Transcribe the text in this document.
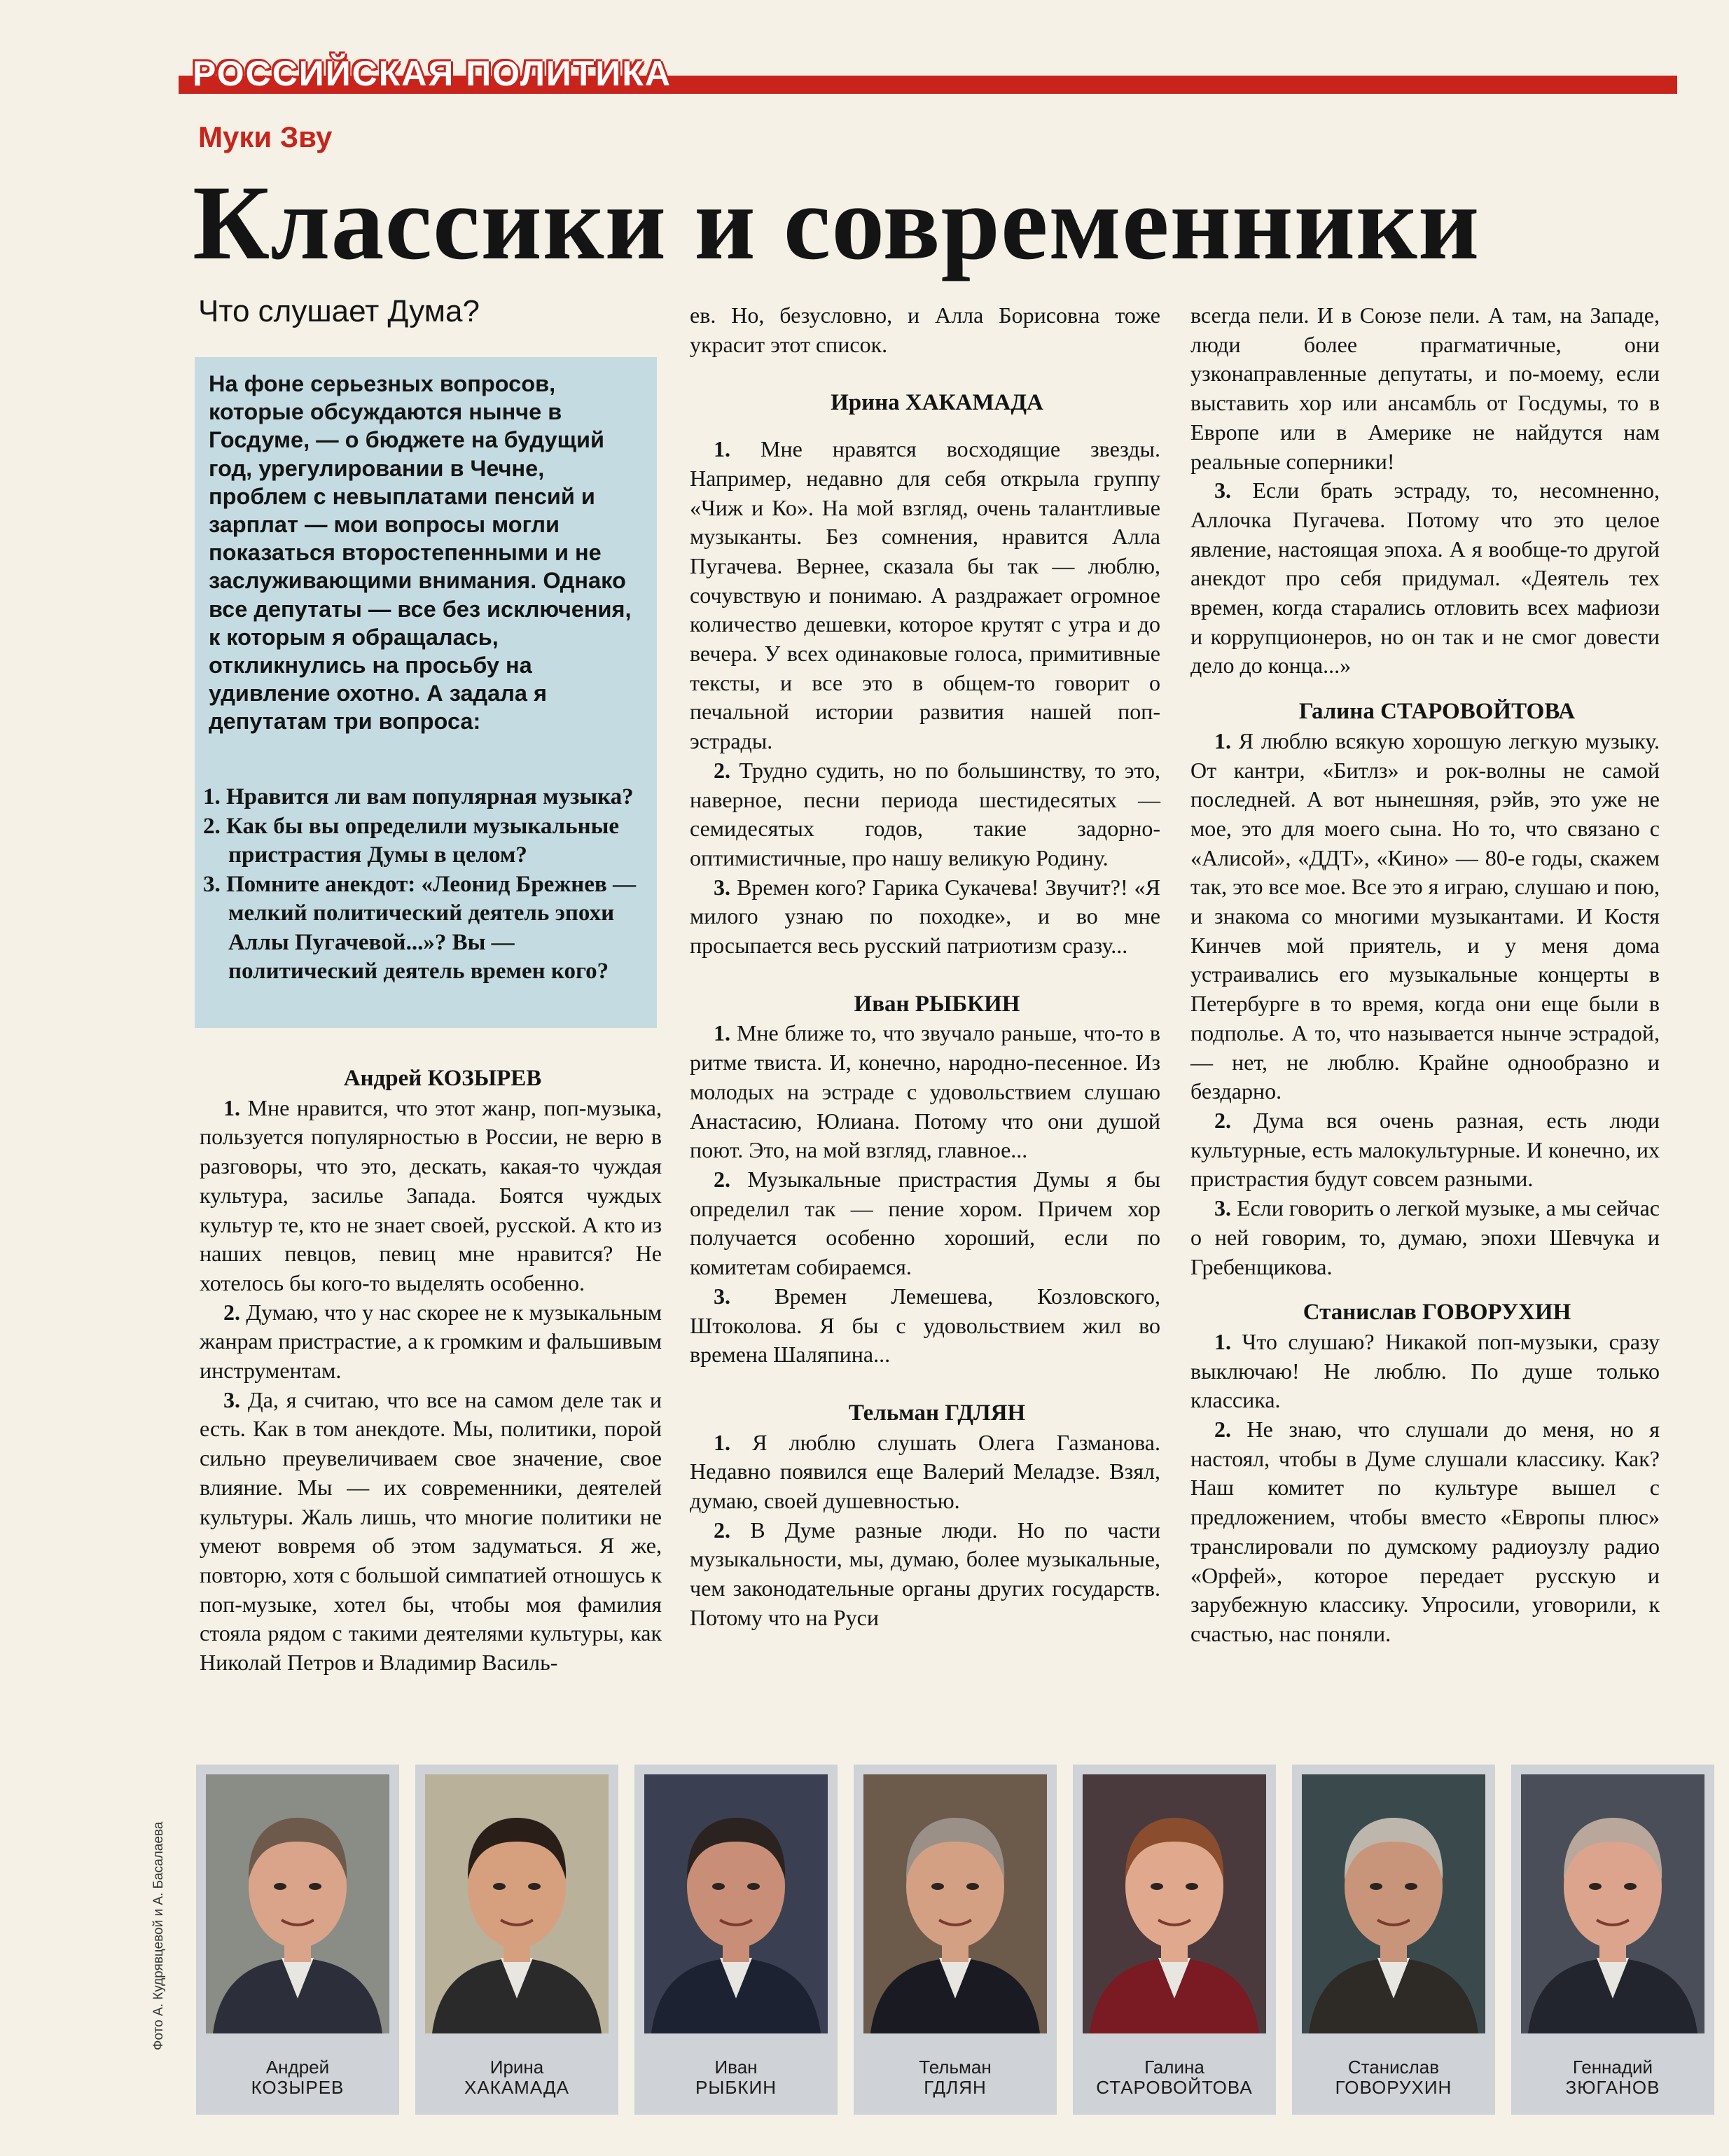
РОССИЙСКАЯ ПОЛИТИКА
Муки Зву
Классики и современники
Что слушает Дума?

На фоне серьезных вопросов, которые обсуждаются нынче в Госдуме, — о бюджете на будущий год, урегулировании в Чечне, проблем с невыплатами пенсий и зарплат — мои вопросы могли показаться второстепенными и не заслуживающими внимания. Однако все депутаты — все без исключения, к которым я обращалась, откликнулись на просьбу на удивление охотно. А задала я депутатам три вопроса:

1. Нравится ли вам популярная музыка?
2. Как бы вы определили музыкальные пристрастия Думы в целом?
3. Помните анекдот: «Леонид Брежнев — мелкий политический деятель эпохи Аллы Пугачевой...»? Вы — политический деятель времен кого?

Андрей КОЗЫРЕВ

1. Мне нравится, что этот жанр, поп-музыка, пользуется популярностью в России, не верю в разговоры, что это, дескать, какая-то чуждая культура, засилье Запада. Боятся чуждых культур те, кто не знает своей, русской. А кто из наших певцов, певиц мне нравится? Не хотелось бы кого-то выделять особенно.

2. Думаю, что у нас скорее не к музыкальным жанрам пристрастие, а к громким и фальшивым инструментам.

3. Да, я считаю, что все на самом деле так и есть. Как в том анекдоте. Мы, политики, порой сильно преувеличиваем свое значение, свое влияние. Мы — их современники, деятелей культуры. Жаль лишь, что многие политики не умеют вовремя об этом задуматься. Я же, повторю, хотя с большой симпатией отношусь к поп-музыке, хотел бы, чтобы моя фамилия стояла рядом с такими деятелями культуры, как Николай Петров и Владимир Василь-

ев. Но, безусловно, и Алла Борисовна тоже украсит этот список.

Ирина ХАКАМАДА

1. Мне нравятся восходящие звезды. Например, недавно для себя открыла группу «Чиж и Ко». На мой взгляд, очень талантливые музыканты. Без сомнения, нравится Алла Пугачева. Вернее, сказала бы так — люблю, сочувствую и понимаю. А раздражает огромное количество дешевки, которое крутят с утра и до вечера. У всех одинаковые голоса, примитивные тексты, и все это в общем-то говорит о печальной истории развития нашей поп-эстрады.

2. Трудно судить, но по большинству, то это, наверное, песни периода шестидесятых — семидесятых годов, такие задорно-оптимистичные, про нашу великую Родину.

3. Времен кого? Гарика Сукачева! Звучит?! «Я милого узнаю по походке», и во мне просыпается весь русский патриотизм сразу...

Иван РЫБКИН

1. Мне ближе то, что звучало раньше, что-то в ритме твиста. И, конечно, народно-песенное. Из молодых на эстраде с удовольствием слушаю Анастасию, Юлиана. Потому что они душой поют. Это, на мой взгляд, главное...

2. Музыкальные пристрастия Думы я бы определил так — пение хором. Причем хор получается особенно хороший, если по комитетам собираемся.

3. Времен Лемешева, Козловского, Штоколова. Я бы с удовольствием жил во времена Шаляпина...

Тельман ГДЛЯН

1. Я люблю слушать Олега Газманова. Недавно появился еще Валерий Меладзе. Взял, думаю, своей душевностью.

2. В Думе разные люди. Но по части музыкальности, мы, думаю, более музыкальные, чем законодательные органы других государств. Потому что на Руси

всегда пели. И в Союзе пели. А там, на Западе, люди более прагматичные, они узконаправленные депутаты, и по-моему, если выставить хор или ансамбль от Госдумы, то в Европе или в Америке не найдутся нам реальные соперники!

3. Если брать эстраду, то, несомненно, Аллочка Пугачева. Потому что это целое явление, настоящая эпоха. А я вообще-то другой анекдот про себя придумал. «Деятель тех времен, когда старались отловить всех мафиози и коррупционеров, но он так и не смог довести дело до конца...»

Галина СТАРОВОЙТОВА

1. Я люблю всякую хорошую легкую музыку. От кантри, «Битлз» и рок-волны не самой последней. А вот нынешняя, рэйв, это уже не мое, это для моего сына. Но то, что связано с «Алисой», «ДДТ», «Кино» — 80-е годы, скажем так, это все мое. Все это я играю, слушаю и пою, и знакома со многими музыкантами. И Костя Кинчев мой приятель, и у меня дома устраивались его музыкальные концерты в Петербурге в то время, когда они еще были в подполье. А то, что называется нынче эстрадой, — нет, не люблю. Крайне однообразно и бездарно.

2. Дума вся очень разная, есть люди культурные, есть малокультурные. И конечно, их пристрастия будут совсем разными.

3. Если говорить о легкой музыке, а мы сейчас о ней говорим, то, думаю, эпохи Шевчука и Гребенщикова.

Станислав ГОВОРУХИН

1. Что слушаю? Никакой поп-музыки, сразу выключаю! Не люблю. По душе только классика.

2. Не знаю, что слушали до меня, но я настоял, чтобы в Думе слушали классику. Как? Наш комитет по культуре вышел с предложением, чтобы вместо «Европы плюс» транслировали по думскому радиоузлу радио «Орфей», которое передает русскую и зарубежную классику. Упросили, уговорили, к счастью, нас поняли.

Фото А. Кудрявцевой и А. Басалаева
Андрей
КОЗЫРЕВ
Ирина
ХАКАМАДА
Иван
РЫБКИН
Тельман
ГДЛЯН
Галина
СТАРОВОЙТОВА
Станислав
ГОВОРУХИН
Геннадий
ЗЮГАНОВ
